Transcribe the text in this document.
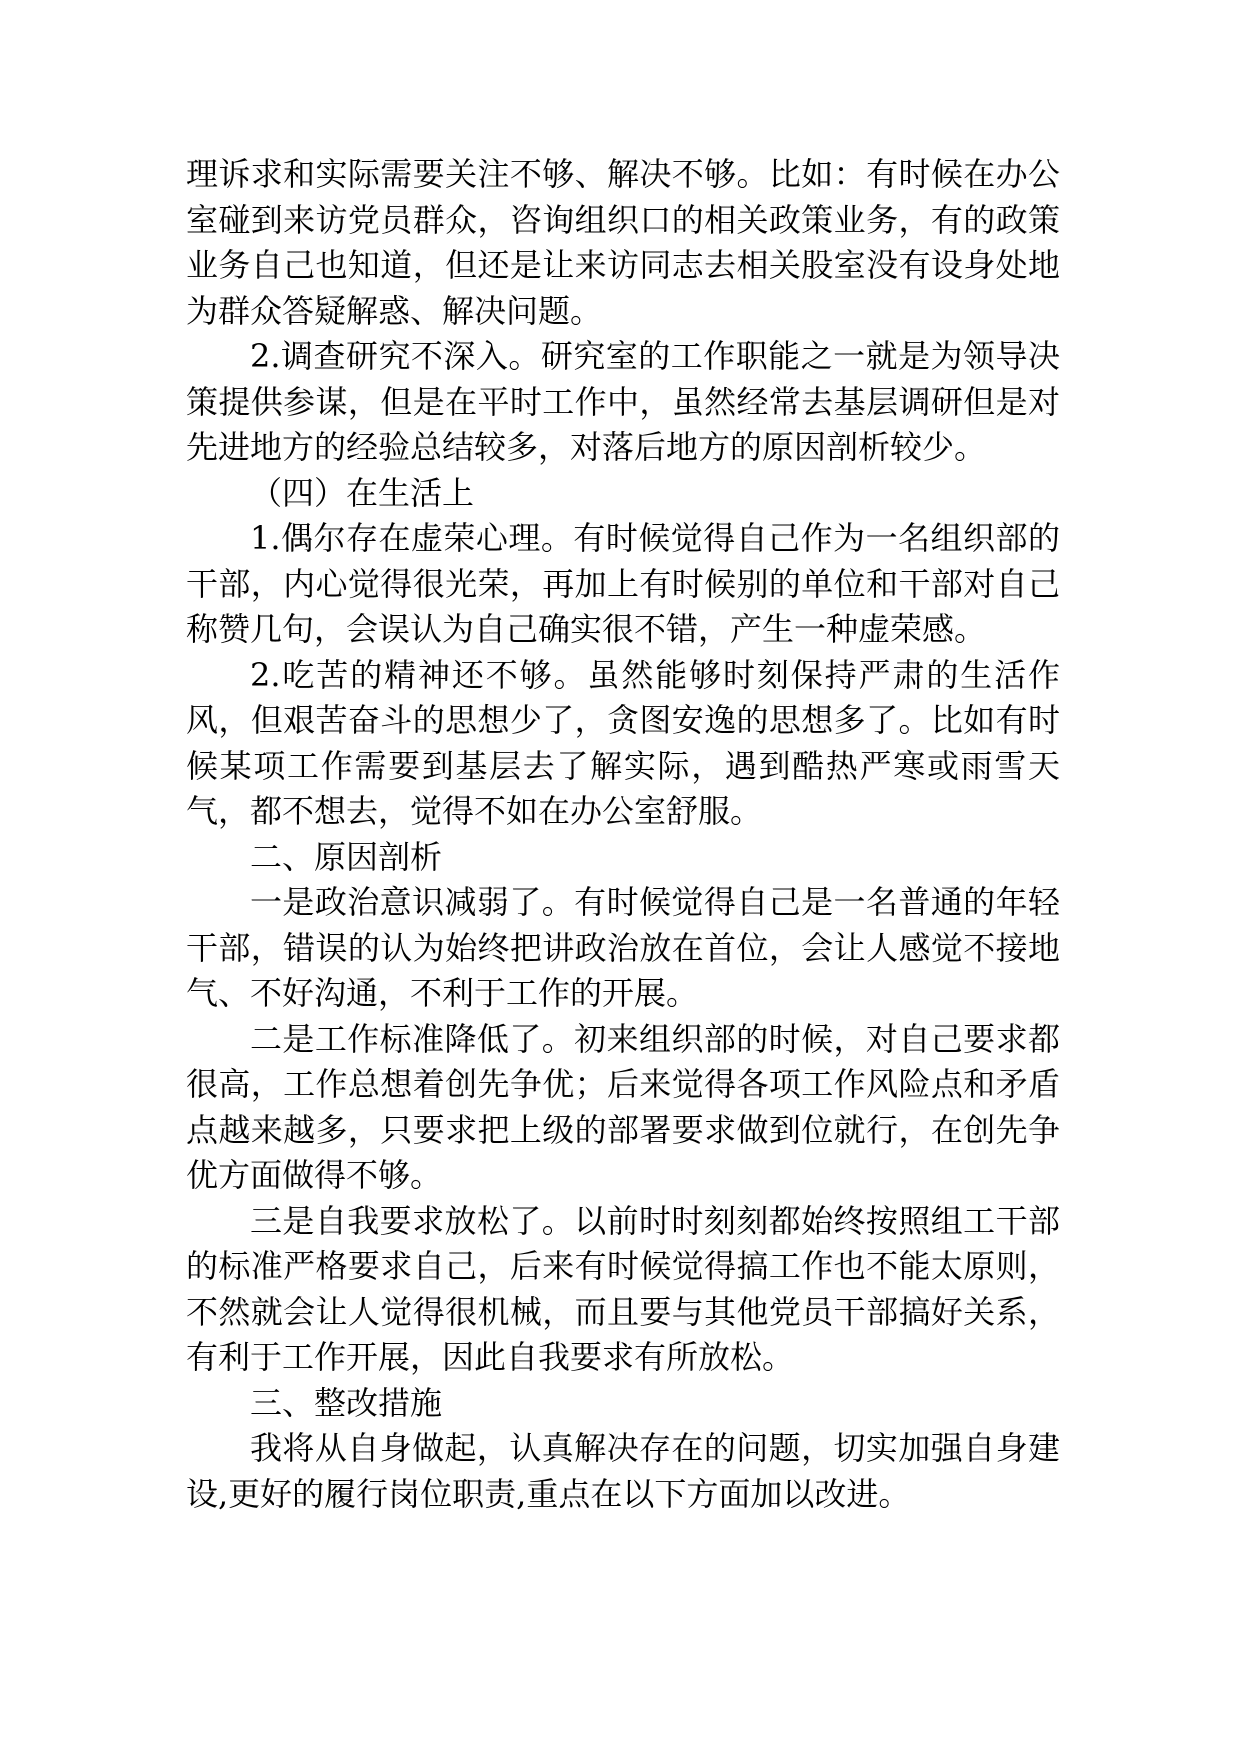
理诉求和实际需要关注不够、解决不够。比如：有时候在办公室碰到来访党员群众，咨询组织口的相关政策业务，有的政策业务自己也知道，但还是让来访同志去相关股室没有设身处地为群众答疑解惑、解决问题。

2.调查研究不深入。研究室的工作职能之一就是为领导决策提供参谋，但是在平时工作中，虽然经常去基层调研但是对先进地方的经验总结较多，对落后地方的原因剖析较少。

（四）在生活上

1.偶尔存在虚荣心理。有时候觉得自己作为一名组织部的干部，内心觉得很光荣，再加上有时候别的单位和干部对自己称赞几句，会误认为自己确实很不错，产生一种虚荣感。

2.吃苦的精神还不够。虽然能够时刻保持严肃的生活作风，但艰苦奋斗的思想少了，贪图安逸的思想多了。比如有时候某项工作需要到基层去了解实际，遇到酷热严寒或雨雪天气，都不想去，觉得不如在办公室舒服。

二、原因剖析

一是政治意识减弱了。有时候觉得自己是一名普通的年轻干部，错误的认为始终把讲政治放在首位，会让人感觉不接地气、不好沟通，不利于工作的开展。

二是工作标准降低了。初来组织部的时候，对自己要求都很高，工作总想着创先争优；后来觉得各项工作风险点和矛盾点越来越多，只要求把上级的部署要求做到位就行，在创先争优方面做得不够。

三是自我要求放松了。以前时时刻刻都始终按照组工干部的标准严格要求自己，后来有时候觉得搞工作也不能太原则，不然就会让人觉得很机械，而且要与其他党员干部搞好关系，有利于工作开展，因此自我要求有所放松。

三、整改措施

我将从自身做起，认真解决存在的问题，切实加强自身建设,更好的履行岗位职责,重点在以下方面加以改进。
